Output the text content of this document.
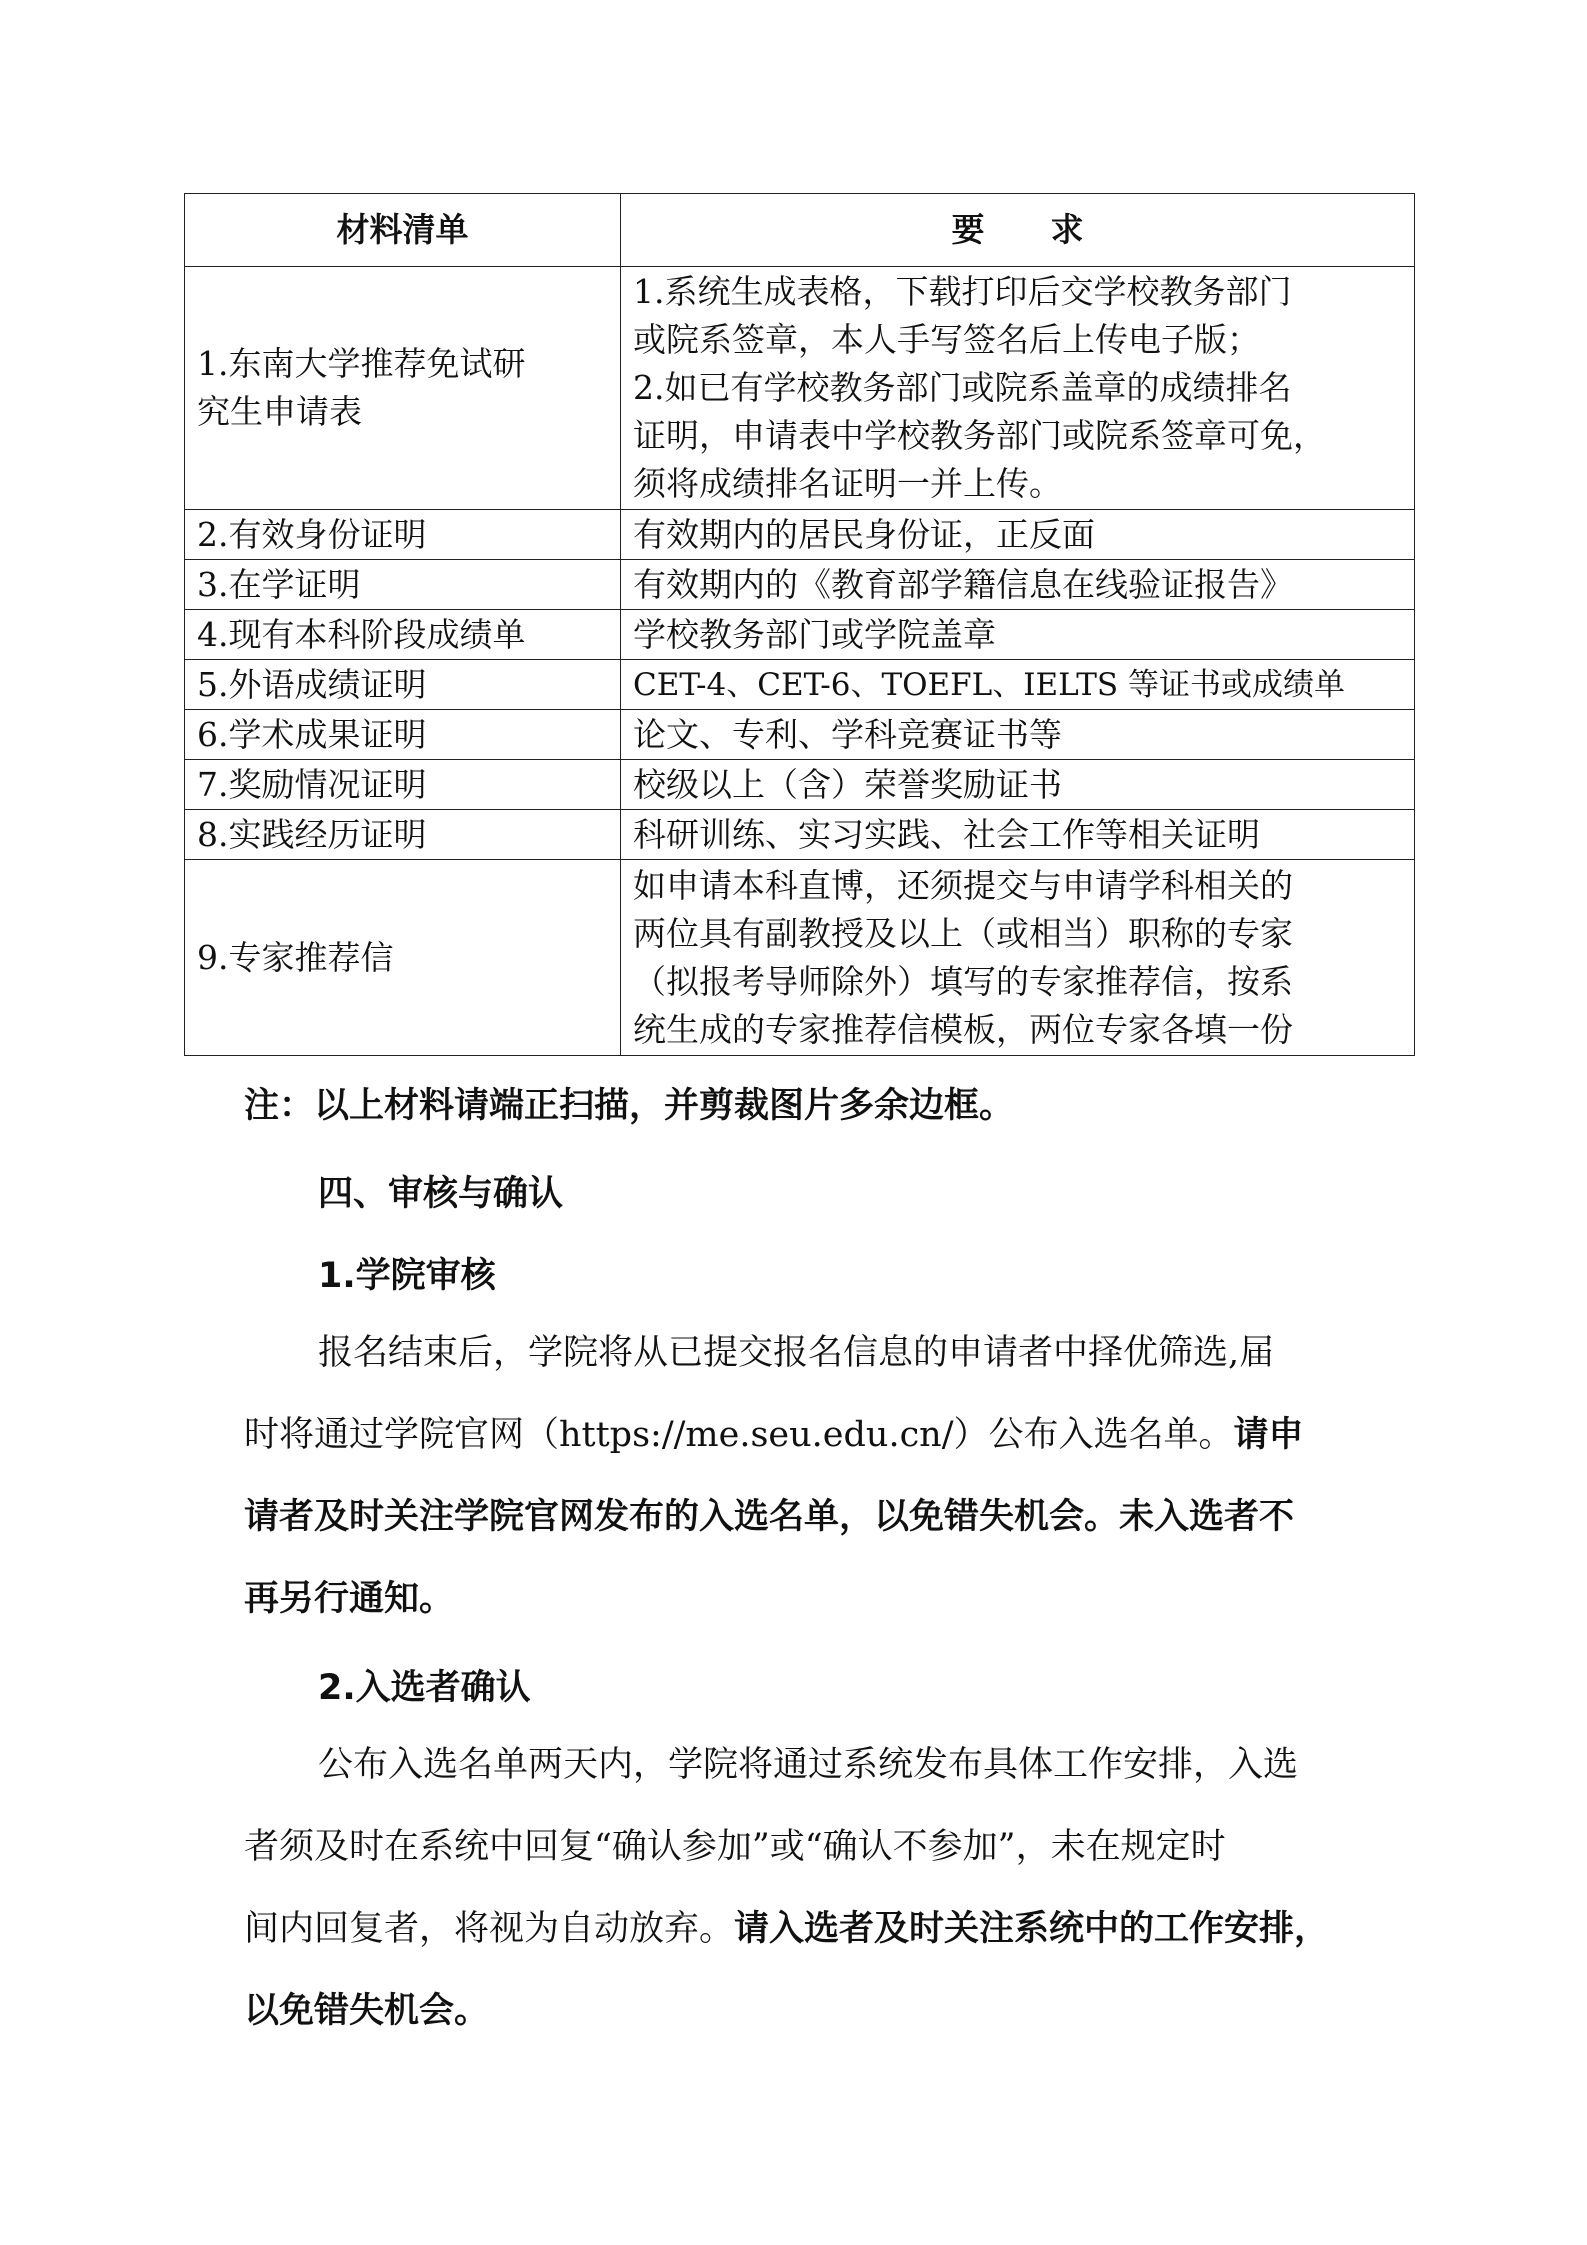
材料清单	要　　求

1.东南大学推荐免试研
究生申请表	1.系统生成表格，下载打印后交学校教务部门
或院系签章，本人手写签名后上传电子版；
2.如已有学校教务部门或院系盖章的成绩排名
证明，申请表中学校教务部门或院系签章可免，
须将成绩排名证明一并上传。

2.有效身份证明	有效期内的居民身份证，正反面

3.在学证明	有效期内的《教育部学籍信息在线验证报告》

4.现有本科阶段成绩单	学校教务部门或学院盖章

5.外语成绩证明	CET-4、CET-6、TOEFL、IELTS 等证书或成绩单

6.学术成果证明	论文、专利、学科竞赛证书等

7.奖励情况证明	校级以上（含）荣誉奖励证书

8.实践经历证明	科研训练、实习实践、社会工作等相关证明

9.专家推荐信	如申请本科直博，还须提交与申请学科相关的
两位具有副教授及以上（或相当）职称的专家
（拟报考导师除外）填写的专家推荐信，按系
统生成的专家推荐信模板，两位专家各填一份
注：以上材料请端正扫描，并剪裁图片多余边框。
四、审核与确认
1.学院审核
报名结束后，学院将从已提交报名信息的申请者中择优筛选,届
时将通过学院官网（https://me.seu.edu.cn/）公布入选名单。请申
请者及时关注学院官网发布的入选名单，以免错失机会。未入选者不
再另行通知。
2.入选者确认
公布入选名单两天内，学院将通过系统发布具体工作安排，入选
者须及时在系统中回复“确认参加”或“确认不参加”，未在规定时
间内回复者，将视为自动放弃。请入选者及时关注系统中的工作安排，
以免错失机会。
